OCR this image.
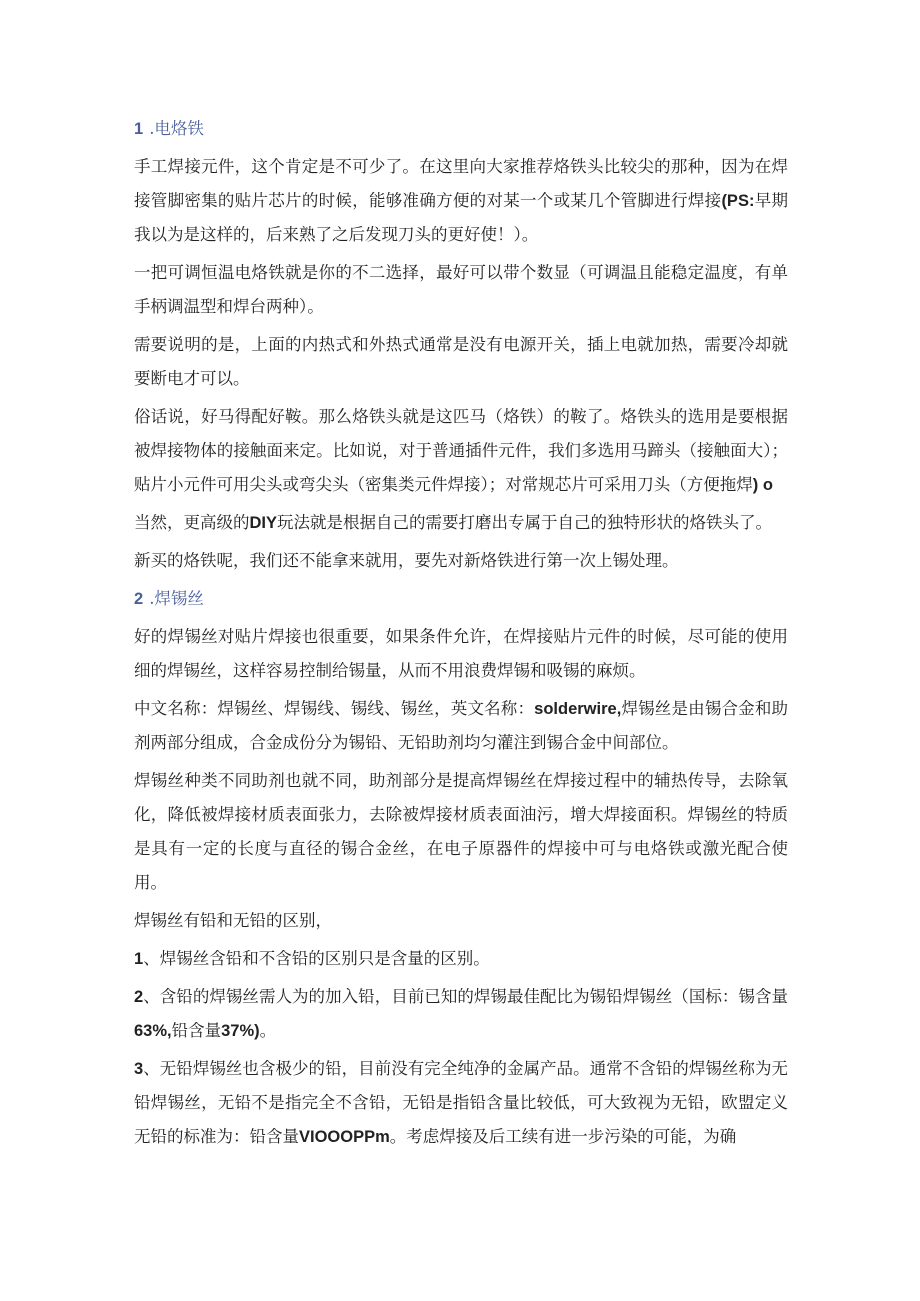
1 .电烙铁

手工焊接元件，这个肯定是不可少了。在这里向大家推荐烙铁头比较尖的那种，因为在焊接管脚密集的贴片芯片的时候，能够准确方便的对某一个或某几个管脚进行焊接(PS:早期我以为是这样的，后来熟了之后发现刀头的更好使！）。

一把可调恒温电烙铁就是你的不二选择，最好可以带个数显（可调温且能稳定温度，有单手柄调温型和焊台两种）。

需要说明的是，上面的内热式和外热式通常是没有电源开关，插上电就加热，需要冷却就要断电才可以。

俗话说，好马得配好鞍。那么烙铁头就是这匹马（烙铁）的鞍了。烙铁头的选用是要根据被焊接物体的接触面来定。比如说，对于普通插件元件，我们多选用马蹄头（接触面大）；贴片小元件可用尖头或弯尖头（密集类元件焊接）；对常规芯片可采用刀头（方便拖焊) o

当然，更高级的DIY玩法就是根据自己的需要打磨出专属于自己的独特形状的烙铁头了。

新买的烙铁呢，我们还不能拿来就用，要先对新烙铁进行第一次上锡处理。

2 .焊锡丝

好的焊锡丝对贴片焊接也很重要，如果条件允许，在焊接贴片元件的时候，尽可能的使用细的焊锡丝，这样容易控制给锡量，从而不用浪费焊锡和吸锡的麻烦。

中文名称：焊锡丝、焊锡线、锡线、锡丝，英文名称：solderwire,焊锡丝是由锡合金和助剂两部分组成，合金成份分为锡铅、无铅助剂均匀灌注到锡合金中间部位。

焊锡丝种类不同助剂也就不同，助剂部分是提高焊锡丝在焊接过程中的辅热传导，去除氧化，降低被焊接材质表面张力，去除被焊接材质表面油污，增大焊接面积。焊锡丝的特质是具有一定的长度与直径的锡合金丝，在电子原器件的焊接中可与电烙铁或激光配合使用。

焊锡丝有铅和无铅的区别，

1、焊锡丝含铅和不含铅的区别只是含量的区别。

2、含铅的焊锡丝需人为的加入铅，目前已知的焊锡最佳配比为锡铅焊锡丝（国标：锡含量63%,铅含量37%)。

3、无铅焊锡丝也含极少的铅，目前没有完全纯净的金属产品。通常不含铅的焊锡丝称为无铅焊锡丝，无铅不是指完全不含铅，无铅是指铅含量比较低，可大致视为无铅，欧盟定义无铅的标准为：铅含量VIOOOPPm。考虑焊接及后工续有进一步污染的可能，为确
